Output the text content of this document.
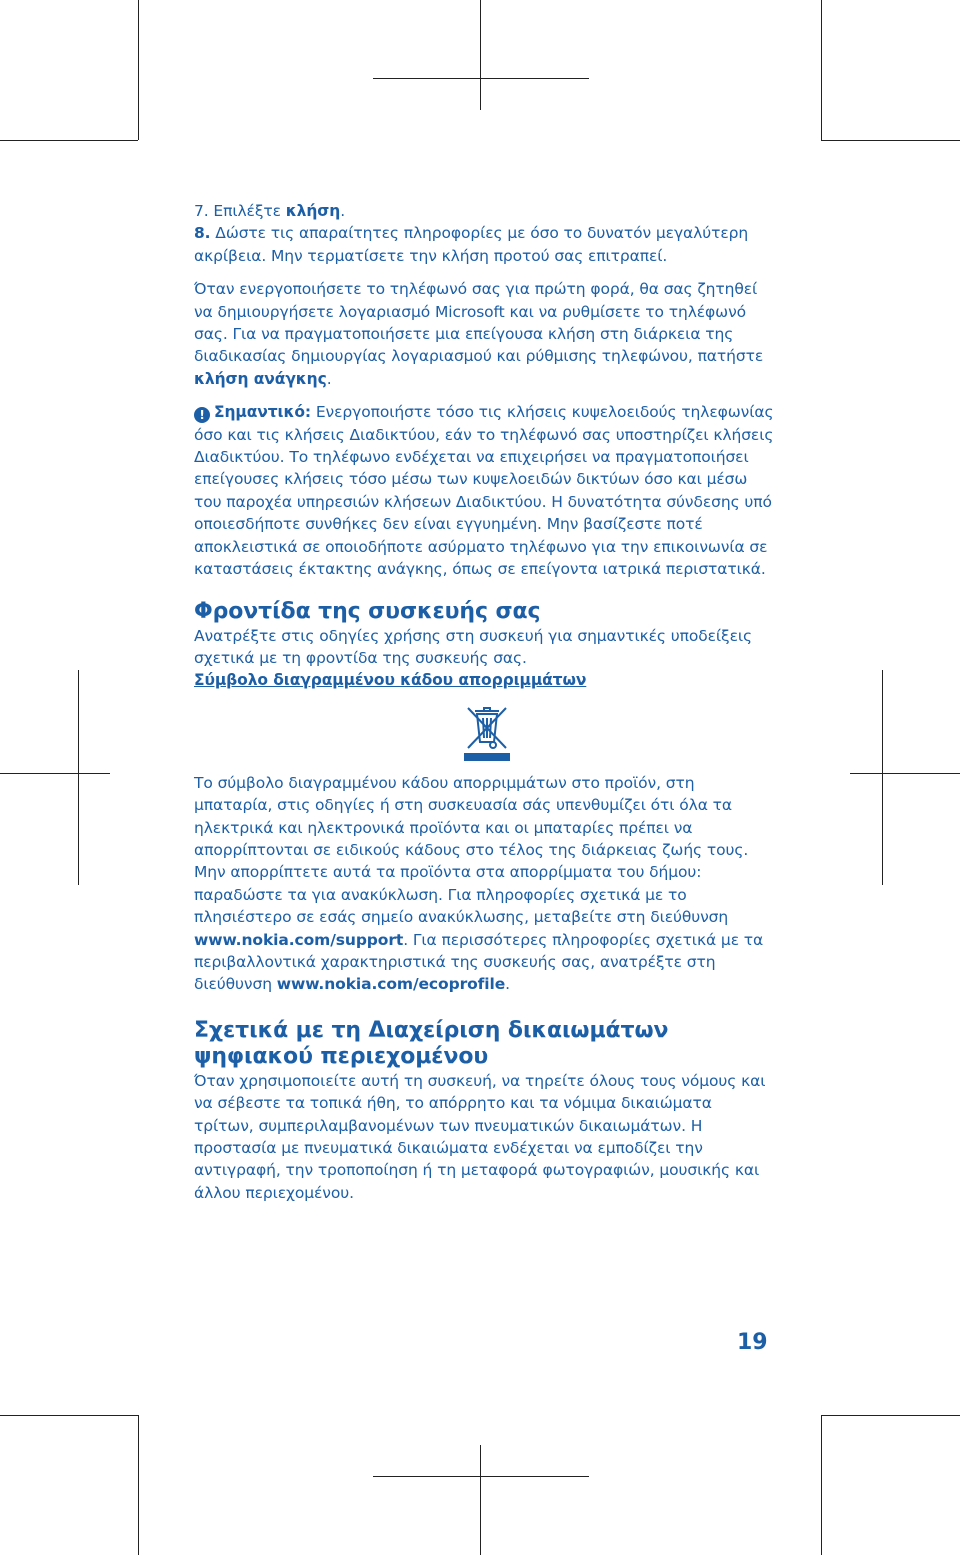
7. Επιλέξτε κλήση.

8. Δώστε τις απαραίτητες πληροφορίες με όσο το δυνατόν μεγαλύτερη ακρίβεια. Μην τερματίσετε την κλήση προτού σας επιτραπεί.

Όταν ενεργοποιήσετε το τηλέφωνό σας για πρώτη φορά, θα σας ζητηθεί να δημιουργήσετε λογαριασμό Microsoft και να ρυθμίσετε το τηλέφωνό σας. Για να πραγματοποιήσετε μια επείγουσα κλήση στη διάρκεια της διαδικασίας δημιουργίας λογαριασμού και ρύθμισης τηλεφώνου, πατήστε κλήση ανάγκης.

! Σημαντικό: Ενεργοποιήστε τόσο τις κλήσεις κυψελοειδούς τηλεφωνίας όσο και τις κλήσεις Διαδικτύου, εάν το τηλέφωνό σας υποστηρίζει κλήσεις Διαδικτύου. Το τηλέφωνο ενδέχεται να επιχειρήσει να πραγματοποιήσει επείγουσες κλήσεις τόσο μέσω των κυψελοειδών δικτύων όσο και μέσω του παροχέα υπηρεσιών κλήσεων Διαδικτύου. Η δυνατότητα σύνδεσης υπό οποιεσδήποτε συνθήκες δεν είναι εγγυημένη. Μην βασίζεστε ποτέ αποκλειστικά σε οποιοδήποτε ασύρματο τηλέφωνο για την επικοινωνία σε καταστάσεις έκτακτης ανάγκης, όπως σε επείγοντα ιατρικά περιστατικά.

Φροντίδα της συσκευής σας

Ανατρέξτε στις οδηγίες χρήσης στη συσκευή για σημαντικές υποδείξεις σχετικά με τη φροντίδα της συσκευής σας.

Σύμβολο διαγραμμένου κάδου απορριμμάτων

Το σύμβολο διαγραμμένου κάδου απορριμμάτων στο προϊόν, στη μπαταρία, στις οδηγίες ή στη συσκευασία σάς υπενθυμίζει ότι όλα τα ηλεκτρικά και ηλεκτρονικά προϊόντα και οι μπαταρίες πρέπει να απορρίπτονται σε ειδικούς κάδους στο τέλος της διάρκειας ζωής τους. Μην απορρίπτετε αυτά τα προϊόντα στα απορρίμματα του δήμου: παραδώστε τα για ανακύκλωση. Για πληροφορίες σχετικά με το πλησιέστερο σε εσάς σημείο ανακύκλωσης, μεταβείτε στη διεύθυνση www.nokia.com/support. Για περισσότερες πληροφορίες σχετικά με τα περιβαλλοντικά χαρακτηριστικά της συσκευής σας, ανατρέξτε στη διεύθυνση www.nokia.com/ecoprofile.

Σχετικά με τη Διαχείριση δικαιωμάτων ψηφιακού περιεχομένου

Όταν χρησιμοποιείτε αυτή τη συσκευή, να τηρείτε όλους τους νόμους και να σέβεστε τα τοπικά ήθη, το απόρρητο και τα νόμιμα δικαιώματα τρίτων, συμπεριλαμβανομένων των πνευματικών δικαιωμάτων. Η προστασία με πνευματικά δικαιώματα ενδέχεται να εμποδίζει την αντιγραφή, την τροποποίηση ή τη μεταφορά φωτογραφιών, μουσικής και άλλου περιεχομένου.

19
